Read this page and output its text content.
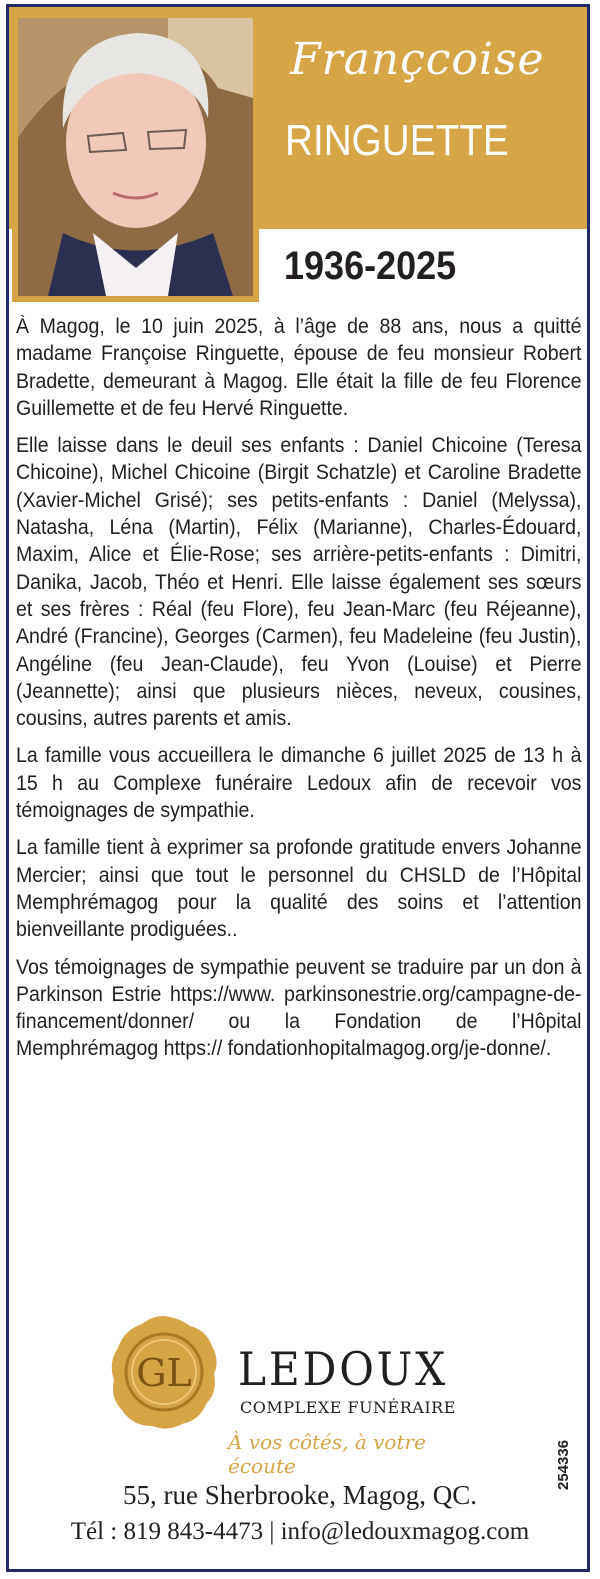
Françcoise
RINGUETTE
1936-2025

À Magog, le 10 juin 2025, à l’âge de 88 ans, nous a quitté madame Françoise Ringuette, épouse de feu monsieur Robert Bradette, demeurant à Magog. Elle était la fille de feu Florence Guillemette et de feu Hervé Ringuette.

Elle laisse dans le deuil ses enfants : Daniel Chicoine (Teresa Chicoine), Michel Chicoine (Birgit Schatzle) et Caroline Bradette (Xavier-Michel Grisé); ses petits-enfants : Daniel (Melyssa), Natasha, Léna (Martin), Félix (Marianne), Charles-Édouard, Maxim, Alice et Élie-Rose; ses arrière-petits-enfants : Dimitri, Danika, Jacob, Théo et Henri. Elle laisse également ses sœurs et ses frères : Réal (feu Flore), feu Jean-Marc (feu Réjeanne), André (Francine), Georges (Carmen), feu Madeleine (feu Justin), Angéline (feu Jean-Claude), feu Yvon (Louise) et Pierre (Jeannette); ainsi que plusieurs nièces, neveux, cousines, cousins, autres parents et amis.

La famille vous accueillera le dimanche 6 juillet 2025 de 13 h à 15 h au Complexe funéraire Ledoux afin de recevoir vos témoignages de sympathie.

La famille tient à exprimer sa profonde gratitude envers Johanne Mercier; ainsi que tout le personnel du CHSLD de l’Hôpital Memphrémagog pour la qualité des soins et l’attention bienveillante prodiguées..

Vos témoignages de sympathie peuvent se traduire par un don à Parkinson Estrie https://www. parkinsonestrie.org/campagne-de-financement/donner/ ou la Fondation de l’Hôpital Memphrémagog https:// fondationhopitalmagog.org/je-donne/.

GL LEDOUX
COMPLEXE FUNÉRAIRE
À vos côtés, à votre écoute
55, rue Sherbrooke, Magog, QC.
Tél : 819 843-4473 | info@ledouxmagog.com
254336
